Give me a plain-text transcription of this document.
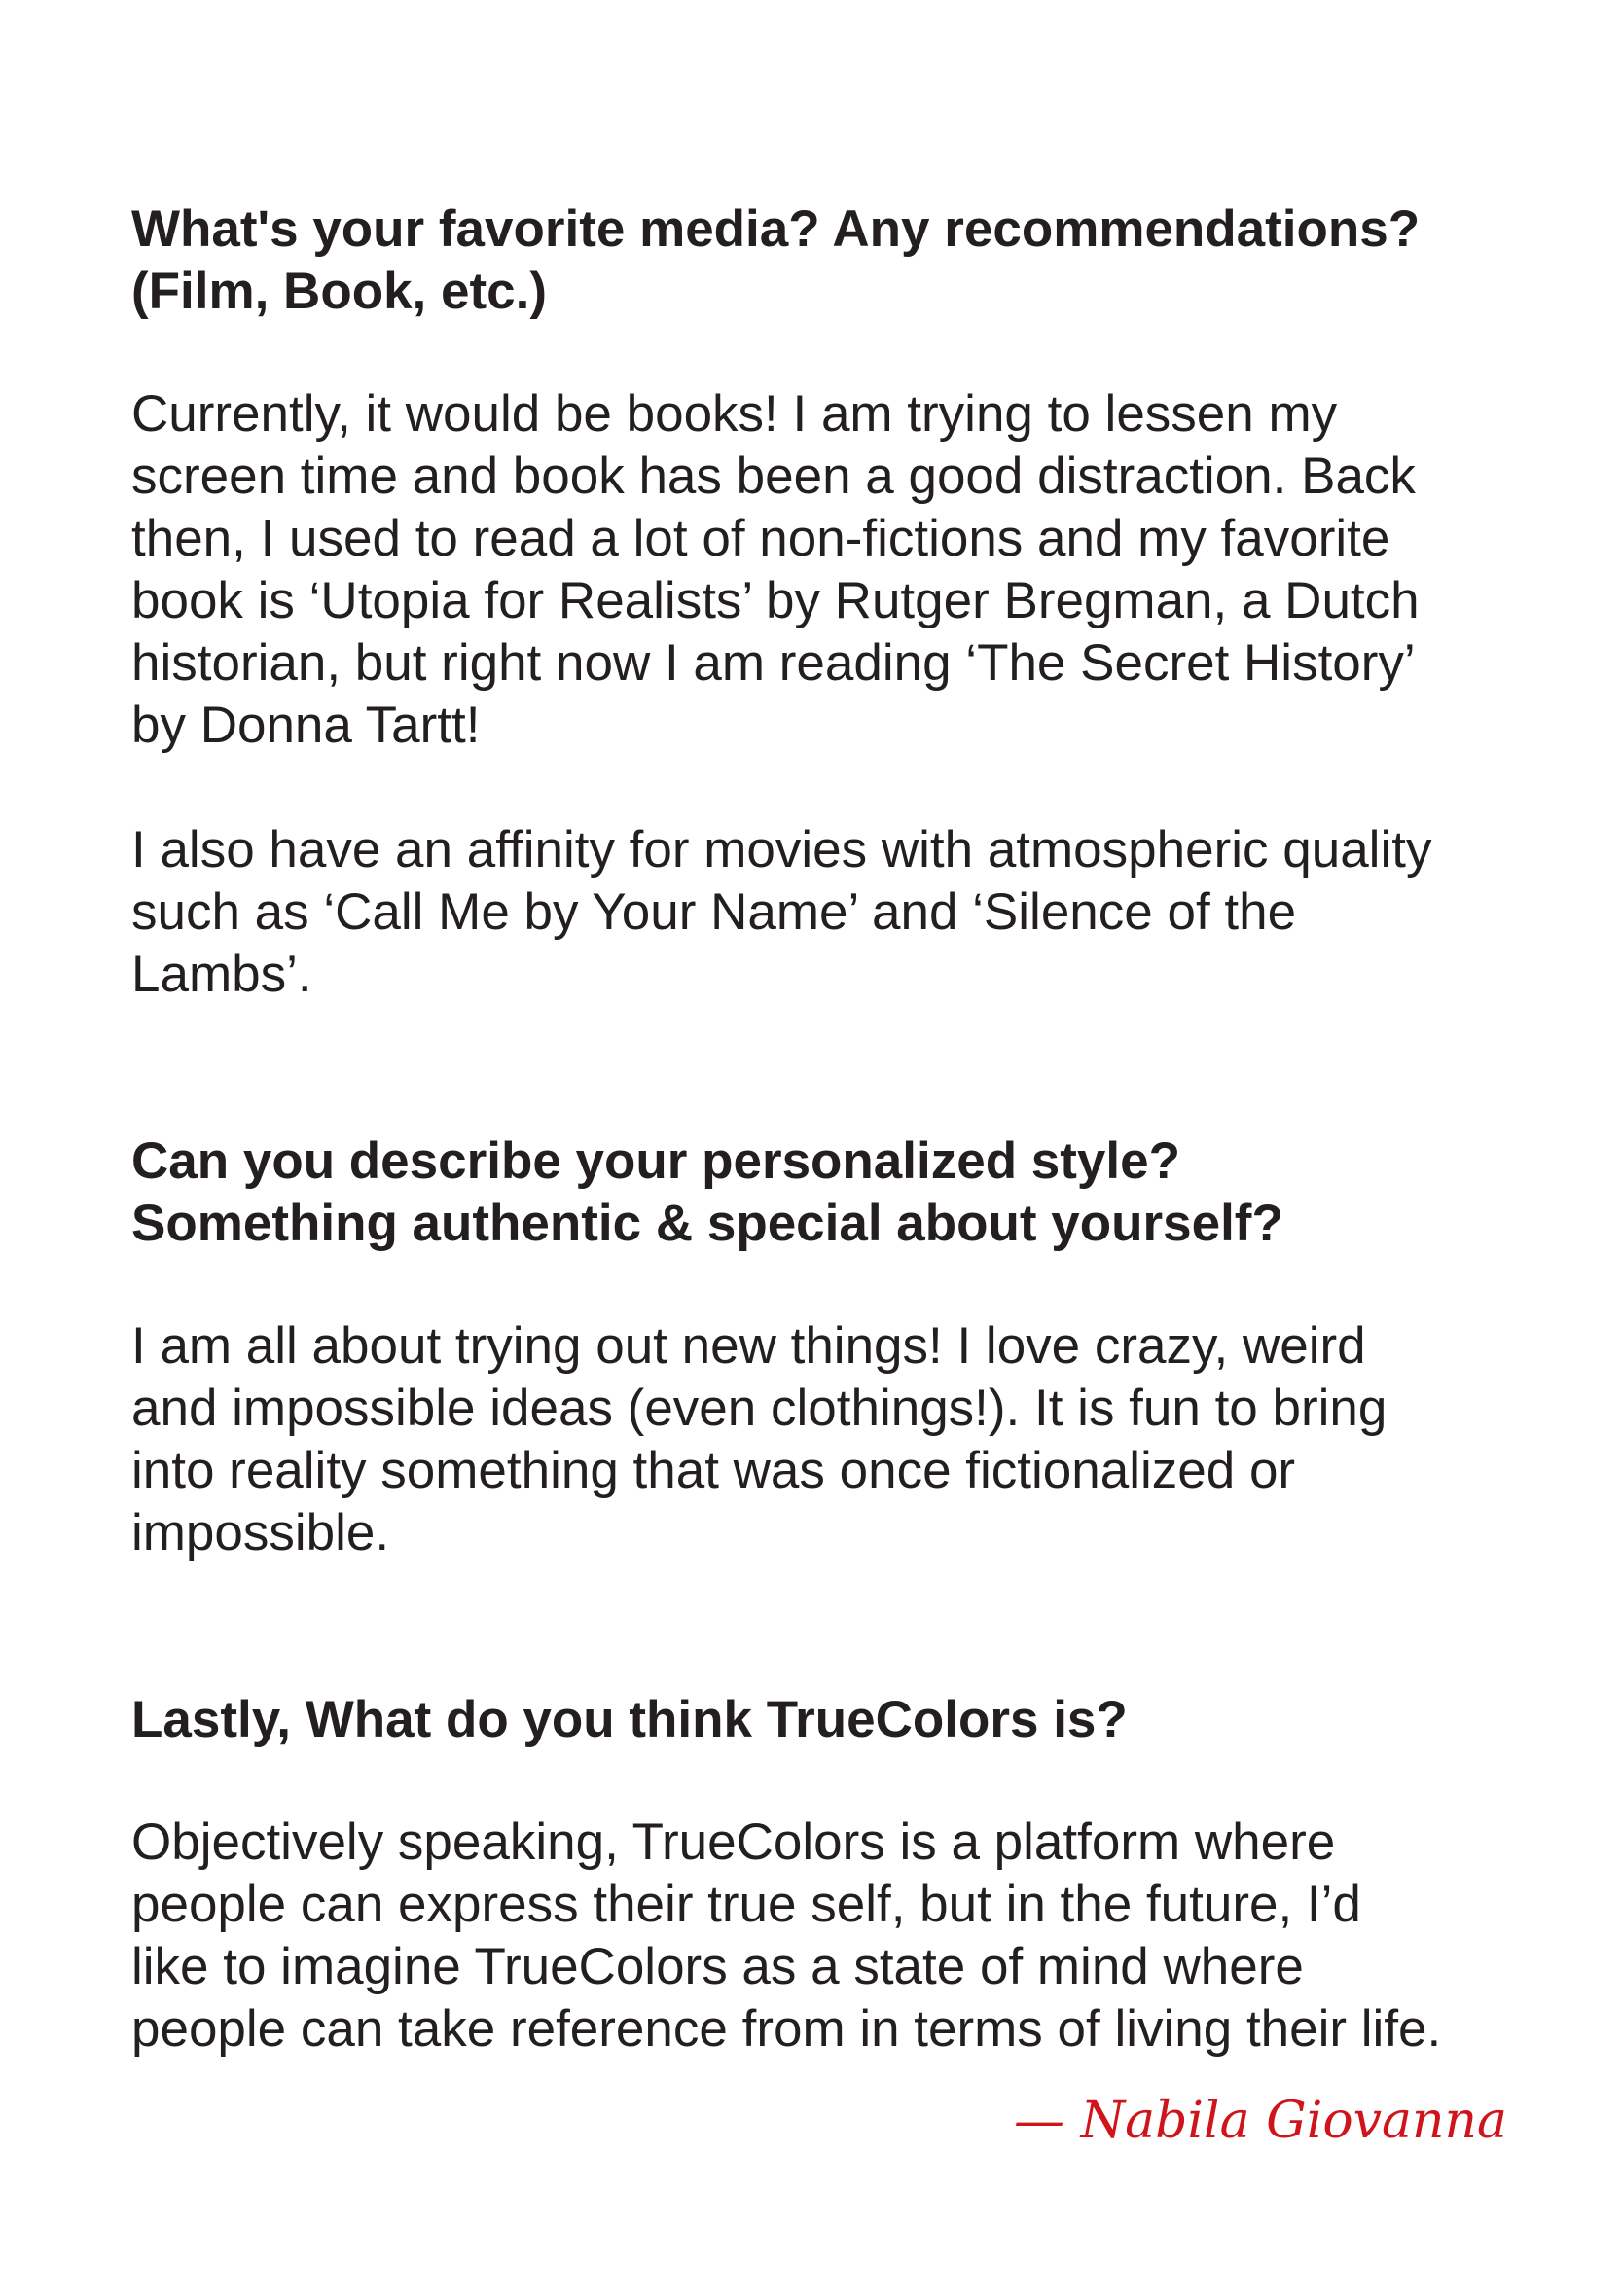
What's your favorite media? Any recommendations?
(Film, Book, etc.)
Currently, it would be books! I am trying to lessen my
screen time and book has been a good distraction. Back
then, I used to read a lot of non-fictions and my favorite
book is ‘Utopia for Realists’ by Rutger Bregman, a Dutch
historian, but right now I am reading ‘The Secret History’
by Donna Tartt!
I also have an affinity for movies with atmospheric quality
such as ‘Call Me by Your Name’ and ‘Silence of the
Lambs’.
Can you describe your personalized style?
Something authentic & special about yourself?
I am all about trying out new things! I love crazy, weird
and impossible ideas (even clothings!). It is fun to bring
into reality something that was once fictionalized or
impossible.
Lastly, What do you think TrueColors is?
Objectively speaking, TrueColors is a platform where
people can express their true self, but in the future, I’d
like to imagine TrueColors as a state of mind where
people can take reference from in terms of living their life.
— Nabila Giovanna
